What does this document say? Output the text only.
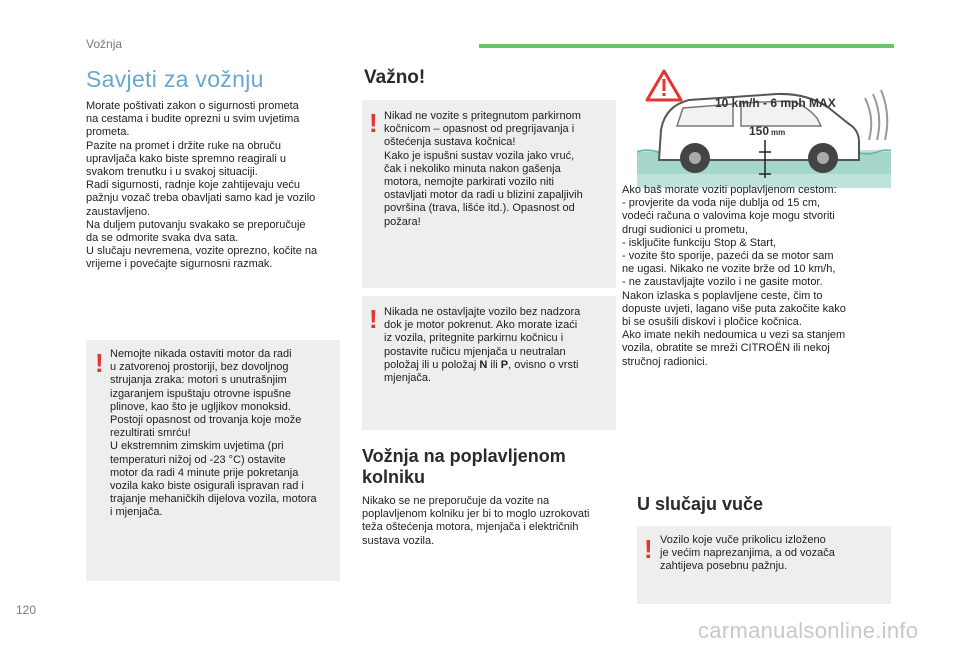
Vožnja
Savjeti za vožnju
Morate poštivati zakon o sigurnosti prometa
na cestama i budite oprezni u svim uvjetima
prometa.
Pazite na promet i držite ruke na obruču
upravljača kako biste spremno reagirali u
svakom trenutku i u svakoj situaciji.
Radi sigurnosti, radnje koje zahtijevaju veću
pažnju vozač treba obavljati samo kad je vozilo
zaustavljeno.
Na duljem putovanju svakako se preporučuje
da se odmorite svaka dva sata.
U slučaju nevremena, vozite oprezno, kočite na
vrijeme i povećajte sigurnosni razmak.
! Nemojte nikada ostaviti motor da radi
u zatvorenoj prostoriji, bez dovoljnog
strujanja zraka: motori s unutrašnjim
izgaranjem ispuštaju otrovne ispušne
plinove, kao što je ugljikov monoksid.
Postoji opasnost od trovanja koje može
rezultirati smrću!
U ekstremnim zimskim uvjetima (pri
temperaturi nižoj od -23 °C) ostavite
motor da radi 4 minute prije pokretanja
vozila kako biste osigurali ispravan rad i
trajanje mehaničkih dijelova vozila, motora
i mjenjača.
Važno!
! Nikad ne vozite s pritegnutom parkirnom
kočnicom – opasnost od pregrijavanja i
oštećenja sustava kočnica!
Kako je ispušni sustav vozila jako vruć,
čak i nekoliko minuta nakon gašenja
motora, nemojte parkirati vozilo niti
ostavljati motor da radi u blizini zapaljivih
površina (trava, lišće itd.). Opasnost od
požara!
! Nikada ne ostavljajte vozilo bez nadzora
dok je motor pokrenut. Ako morate izaći
iz vozila, pritegnite parkirnu kočnicu i
postavite ručicu mjenjača u neutralan
položaj ili u položaj N ili P, ovisno o vrsti
mjenjača.
Vožnja na poplavljenom
kolniku
Nikako se ne preporučuje da vozite na
poplavljenom kolniku jer bi to moglo uzrokovati
teža oštećenja motora, mjenjača i električnih
sustava vozila.
10 km/h - 6 mph MAX
150 mm
Ako baš morate voziti poplavljenom cestom:
- provjerite da voda nije dublja od 15 cm,
vodeći računa o valovima koje mogu stvoriti
drugi sudionici u prometu,
- isključite funkciju Stop & Start,
- vozite što sporije, pazeći da se motor sam
ne ugasi. Nikako ne vozite brže od 10 km/h,
- ne zaustavljajte vozilo i ne gasite motor.
Nakon izlaska s poplavljene ceste, čim to
dopuste uvjeti, lagano više puta zakočite kako
bi se osušili diskovi i pločice kočnica.
Ako imate nekih nedoumica u vezi sa stanjem
vozila, obratite se mreži CITROËN ili nekoj
stručnoj radionici.
U slučaju vuče
! Vozilo koje vuče prikolicu izloženo
je većim naprezanjima, a od vozača
zahtijeva posebnu pažnju.
120
carmanualsonline.info
